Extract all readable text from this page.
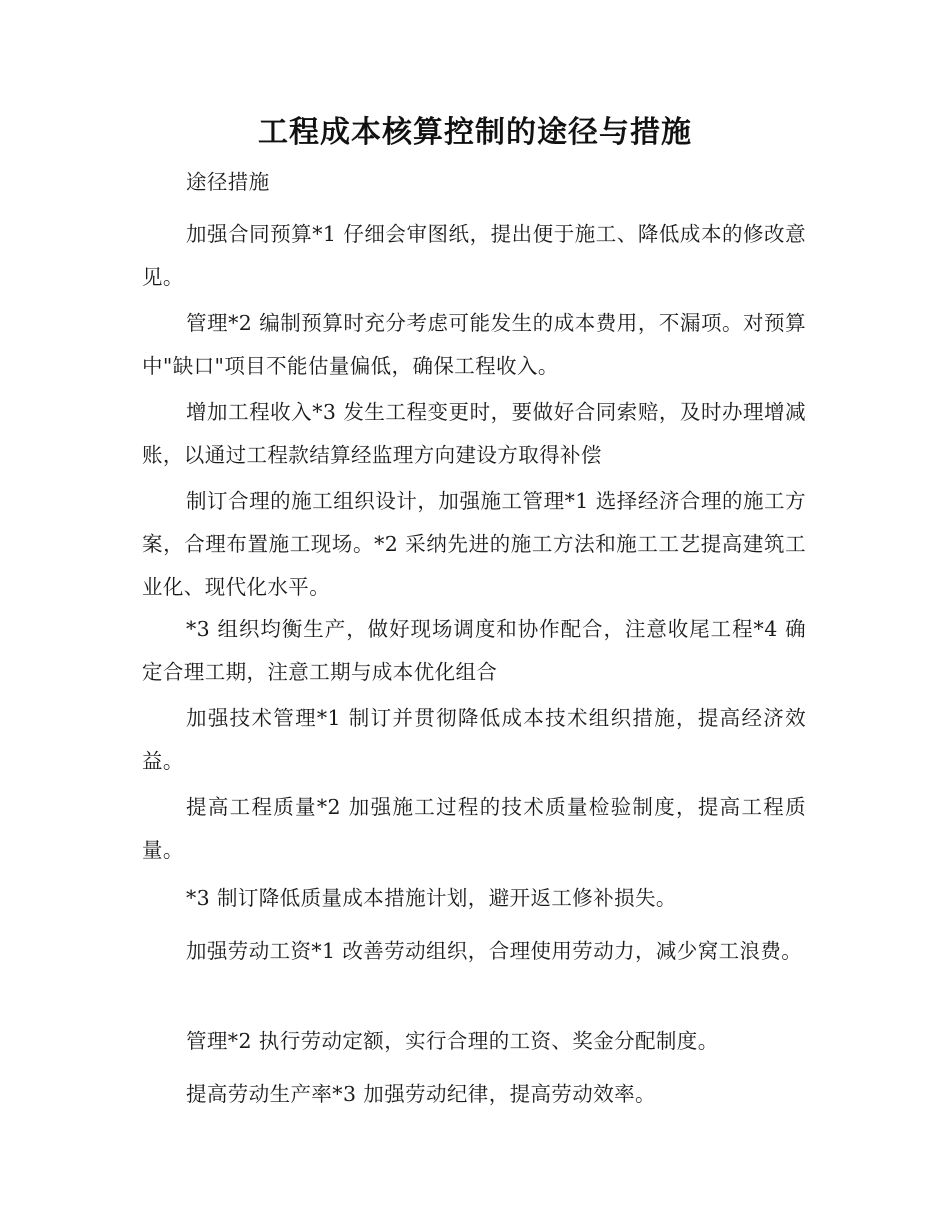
工程成本核算控制的途径与措施
途径措施
加强合同预算*1 仔细会审图纸，提出便于施工、降低成本的修改意见。
管理*2 编制预算时充分考虑可能发生的成本费用，不漏项。对预算中"缺口"项目不能估量偏低，确保工程收入。
增加工程收入*3 发生工程变更时，要做好合同索赔，及时办理增减账，以通过工程款结算经监理方向建设方取得补偿
制订合理的施工组织设计，加强施工管理*1 选择经济合理的施工方案，合理布置施工现场。*2 采纳先进的施工方法和施工工艺提高建筑工业化、现代化水平。
*3 组织均衡生产，做好现场调度和协作配合，注意收尾工程*4 确定合理工期，注意工期与成本优化组合
加强技术管理*1 制订并贯彻降低成本技术组织措施，提高经济效益。
提高工程质量*2 加强施工过程的技术质量检验制度，提高工程质量。
*3 制订降低质量成本措施计划，避开返工修补损失。
加强劳动工资*1 改善劳动组织，合理使用劳动力，减少窝工浪费。
管理*2 执行劳动定额，实行合理的工资、奖金分配制度。
提高劳动生产率*3 加强劳动纪律，提高劳动效率。
